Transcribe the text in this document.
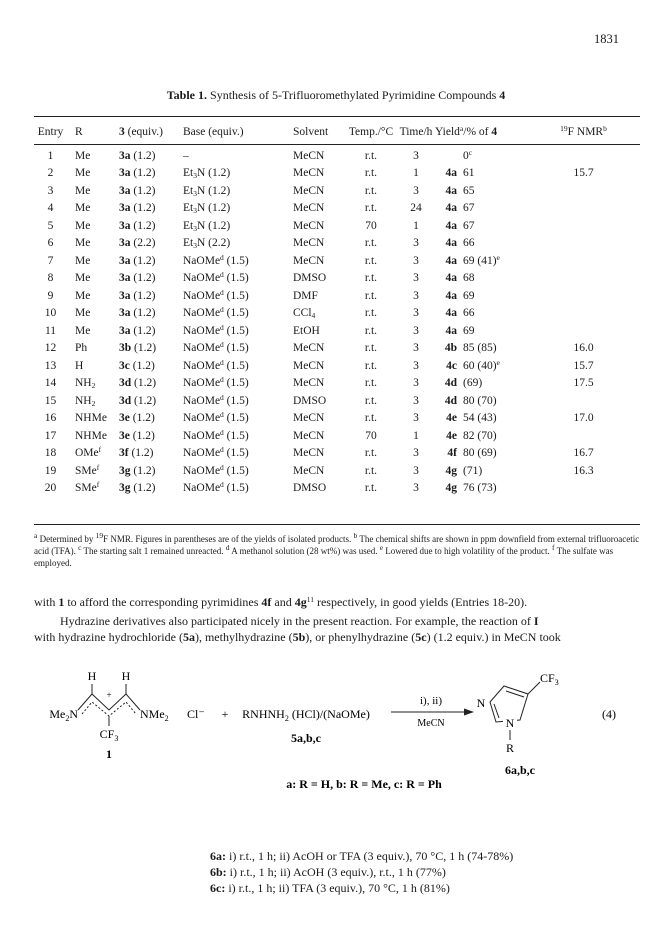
1831
Table 1. Synthesis of 5-Trifluoromethylated Pyrimidine Compounds 4
Entry	R	3 (equiv.)	Base (equiv.)	Solvent	Temp./°C	Time/h	Yield$^a$/% of 4		$^{19}$F NMR$^b$

1	Me	3a (1.2)	–	MeCN	r.t.	3		0$^c$	
2	Me	3a (1.2)	$Et_3N$ (1.2)	MeCN	r.t.	1	4a	61	15.7
3	Me	3a (1.2)	$Et_3N$ (1.2)	MeCN	r.t.	3	4a	65	
4	Me	3a (1.2)	$Et_3N$ (1.2)	MeCN	r.t.	24	4a	67	
5	Me	3a (1.2)	$Et_3N$ (1.2)	MeCN	70	1	4a	67	
6	Me	3a (2.2)	$Et_3N$ (2.2)	MeCN	r.t.	3	4a	66	
7	Me	3a (1.2)	NaOMe$^d$ (1.5)	MeCN	r.t.	3	4a	69 $(41)^e$	
8	Me	3a (1.2)	NaOMe$^d$ (1.5)	DMSO	r.t.	3	4a	68	
9	Me	3a (1.2)	NaOMe$^d$ (1.5)	DMF	r.t.	3	4a	69	
10	Me	3a (1.2)	NaOMe$^d$ (1.5)	CCl$_4$	r.t.	3	4a	66	
11	Me	3a (1.2)	NaOMe$^d$ (1.5)	EtOH	r.t.	3	4a	69	
12	Ph	3b (1.2)	NaOMe$^d$ (1.5)	MeCN	r.t.	3	4b	85 (85)	16.0
13	H	3c (1.2)	NaOMe$^d$ (1.5)	MeCN	r.t.	3	4c	60 $(40)^e$	15.7
14	$NH_2$	3d (1.2)	NaOMe$^d$ (1.5)	MeCN	r.t.	3	4d	(69)	17.5
15	$NH_2$	3d (1.2)	NaOMe$^d$ (1.5)	DMSO	r.t.	3	4d	80 (70)	
16	NHMe	3e (1.2)	NaOMe$^d$ (1.5)	MeCN	r.t.	3	4e	54 (43)	17.0
17	NHMe	3e (1.2)	NaOMe$^d$ (1.5)	MeCN	70	1	4e	82 (70)	
18	OMe$^f$	3f (1.2)	NaOMe$^d$ (1.5)	MeCN	r.t.	3	4f	80 (69)	16.7
19	SMe$^f$	3g (1.2)	NaOMe$^d$ (1.5)	MeCN	r.t.	3	4g	(71)	16.3
20	SMe$^f$	3g (1.2)	NaOMe$^d$ (1.5)	DMSO	r.t.	3	4g	76 (73)	
$^a$ Determined by $^{19}$F NMR. Figures in parentheses are of the yields of isolated products. $^b$ The chemical shifts are shown in ppm downfield from external trifluoroacetic acid (TFA). $^c$ The starting salt 1 remained unreacted. $^d$ A methanol solution (28 wt%) was used. $^e$ Lowered due to high volatility of the product. $^f$ The sulfate was employed.
with 1 to afford the corresponding pyrimidines 4f and $4g^{11}$ respectively, in good yields (Entries 18-20).
Hydrazine derivatives also participated nicely in the present reaction. For example, the reaction of I
with hydrazine hydrochloride (5a), methylhydrazine (5b), or phenylhydrazine (5c) (1.2 equiv.) in MeCN took
H H
+
Me2N	NMe2 Cl⁻
CF3
1
+ RNHNH2 (HCl)/(NaOMe)
5a,b,c
i), ii)
MeCN
CF3
N
N
R
6a,b,c
(4)
a: R = H, b: R = Me, c: R = Ph
6a: i) r.t., 1 h; ii) AcOH or TFA (3 equiv.), 70 °C, 1 h (74-78%)
6b: i) r.t., 1 h; ii) AcOH (3 equiv.), r.t., 1 h (77%)
6c: i) r.t., 1 h; ii) TFA (3 equiv.), 70 °C, 1 h (81%)
